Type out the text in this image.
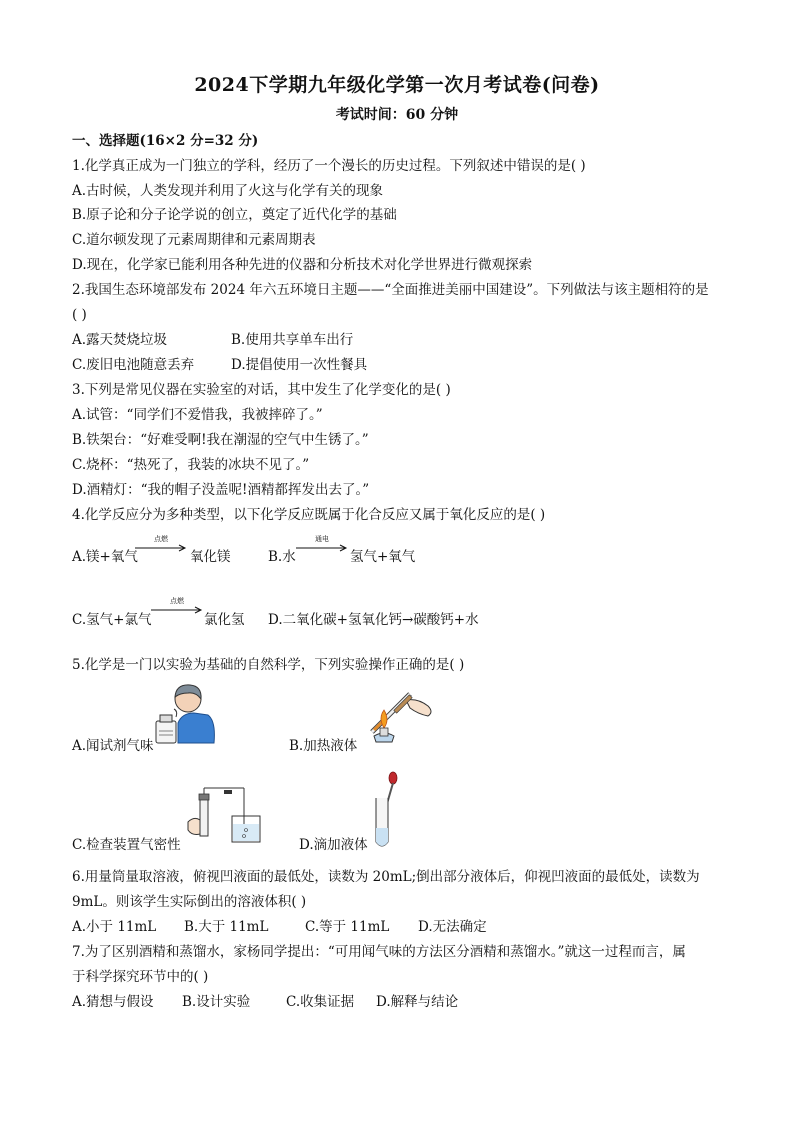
2024下学期九年级化学第一次月考试卷(问卷)
考试时间：60 分钟
一、选择题(16×2 分=32 分)
1.化学真正成为一门独立的学科，经历了一个漫长的历史过程。下列叙述中错误的是( )
A.古时候，人类发现并利用了火这与化学有关的现象
B.原子论和分子论学说的创立，奠定了近代化学的基础
C.道尔顿发现了元素周期律和元素周期表
D.现在，化学家已能利用各种先进的仪器和分析技术对化学世界进行微观探索
2.我国生态环境部发布 2024 年六五环境日主题——“全面推进美丽中国建设”。下列做法与该主题相符的是
( )
A.露天焚烧垃圾	B.使用共享单车出行
C.废旧电池随意丢弃	D.提倡使用一次性餐具
3.下列是常见仪器在实验室的对话，其中发生了化学变化的是( )
A.试管：“同学们不爱惜我，我被摔碎了。”
B.铁架台：“好难受啊!我在潮湿的空气中生锈了。”
C.烧杯：“热死了，我装的冰块不见了。”
D.酒精灯：“我的帽子没盖呢!酒精都挥发出去了。”
4.化学反应分为多种类型，以下化学反应既属于化合反应又属于氧化反应的是( )
A.镁+氧气
点燃
氧化镁	B.水
通电
氢气+氧气
C.氢气+氯气
点燃
氯化氢 D.二氧化碳+氢氧化钙→碳酸钙+水
5.化学是一门以实验为基础的自然科学，下列实验操作正确的是( )
A.闻试剂气味	B.加热液体
C.检查装置气密性	D.滴加液体
6.用量筒量取溶液，俯视凹液面的最低处，读数为 20mL;倒出部分液体后，仰视凹液面的最低处，读数为
9mL。则该学生实际倒出的溶液体积( )
A.小于 11mL B.大于 11mL	C.等于 11mL D.无法确定
7.为了区别酒精和蒸馏水，家杨同学提出：“可用闻气味的方法区分酒精和蒸馏水。”就这一过程而言，属
于科学探究环节中的( )
A.猜想与假设 B.设计实验	C.收集证据 D.解释与结论
